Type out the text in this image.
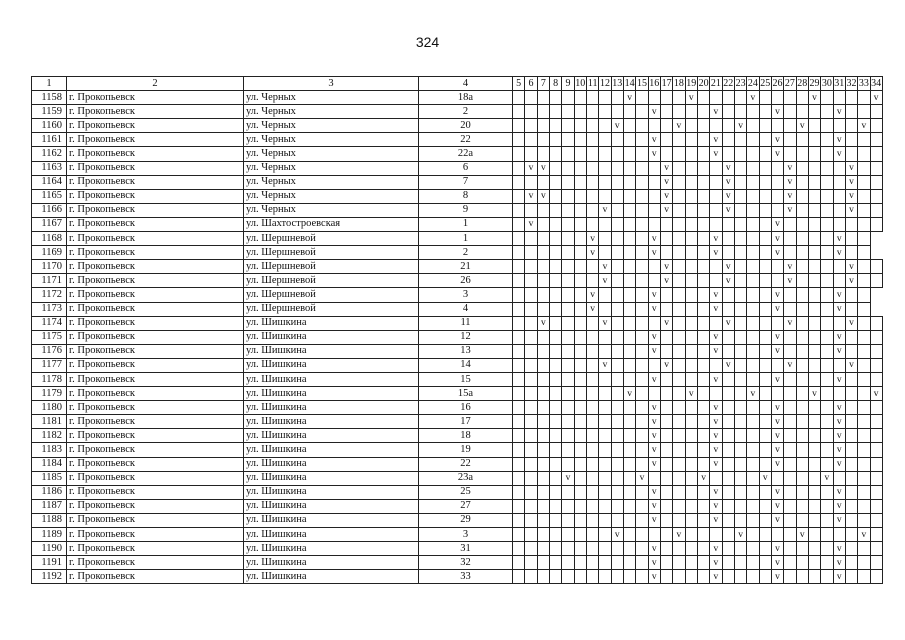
324
1	2	3	4	5	6	7	8	9	10	11	12	13	14	15	16	17	18	19	20	21	22	23	24	25	26	27	28	29	30	31	32	33	34
1158	г. Прокопьевск	ул. Черных	18а										v					v					v					v					v
1159	г. Прокопьевск	ул. Черных	2												v					v					v					v			
1160	г. Прокопьевск	ул. Черных	20									v					v					v					v					v	
1161	г. Прокопьевск	ул. Черных	22												v					v					v					v			
1162	г. Прокопьевск	ул. Черных	22а												v					v					v					v			
1163	г. Прокопьевск	ул. Черных	6		v	v										v					v					v					v		
1164	г. Прокопьевск	ул. Черных	7													v					v					v					v		
1165	г. Прокопьевск	ул. Черных	8		v	v										v					v					v					v		
1166	г. Прокопьевск	ул. Черных	9								v					v					v					v					v		
1167	г. Прокопьевск	ул. Шахтостроевская	1		v																				v								
1168	г. Прокопьевск	ул. Шершневой	1							v					v					v					v					v			
1169	г. Прокопьевск	ул. Шершневой	2							v					v					v					v					v			
1170	г. Прокопьевск	ул. Шершневой	21								v					v					v					v					v		
1171	г. Прокопьевск	ул. Шершневой	26								v					v					v					v					v		
1172	г. Прокопьевск	ул. Шершневой	3							v					v					v					v					v			
1173	г. Прокопьевск	ул. Шершневой	4							v					v					v					v					v			
1174	г. Прокопьевск	ул. Шишкина	11			v					v					v					v					v					v		
1175	г. Прокопьевск	ул. Шишкина	12												v					v					v					v			
1176	г. Прокопьевск	ул. Шишкина	13												v					v					v					v			
1177	г. Прокопьевск	ул. Шишкина	14								v					v					v					v					v		
1178	г. Прокопьевск	ул. Шишкина	15												v					v					v					v			
1179	г. Прокопьевск	ул. Шишкина	15а										v					v					v					v					v
1180	г. Прокопьевск	ул. Шишкина	16												v					v					v					v			
1181	г. Прокопьевск	ул. Шишкина	17												v					v					v					v			
1182	г. Прокопьевск	ул. Шишкина	18												v					v					v					v			
1183	г. Прокопьевск	ул. Шишкина	19												v					v					v					v			
1184	г. Прокопьевск	ул. Шишкина	22												v					v					v					v			
1185	г. Прокопьевск	ул. Шишкина	23а					v						v					v					v					v				
1186	г. Прокопьевск	ул. Шишкина	25												v					v					v					v			
1187	г. Прокопьевск	ул. Шишкина	27												v					v					v					v			
1188	г. Прокопьевск	ул. Шишкина	29												v					v					v					v			
1189	г. Прокопьевск	ул. Шишкина	3									v					v					v					v					v	
1190	г. Прокопьевск	ул. Шишкина	31												v					v					v					v			
1191	г. Прокопьевск	ул. Шишкина	32												v					v					v					v			
1192	г. Прокопьевск	ул. Шишкина	33												v					v					v					v			
